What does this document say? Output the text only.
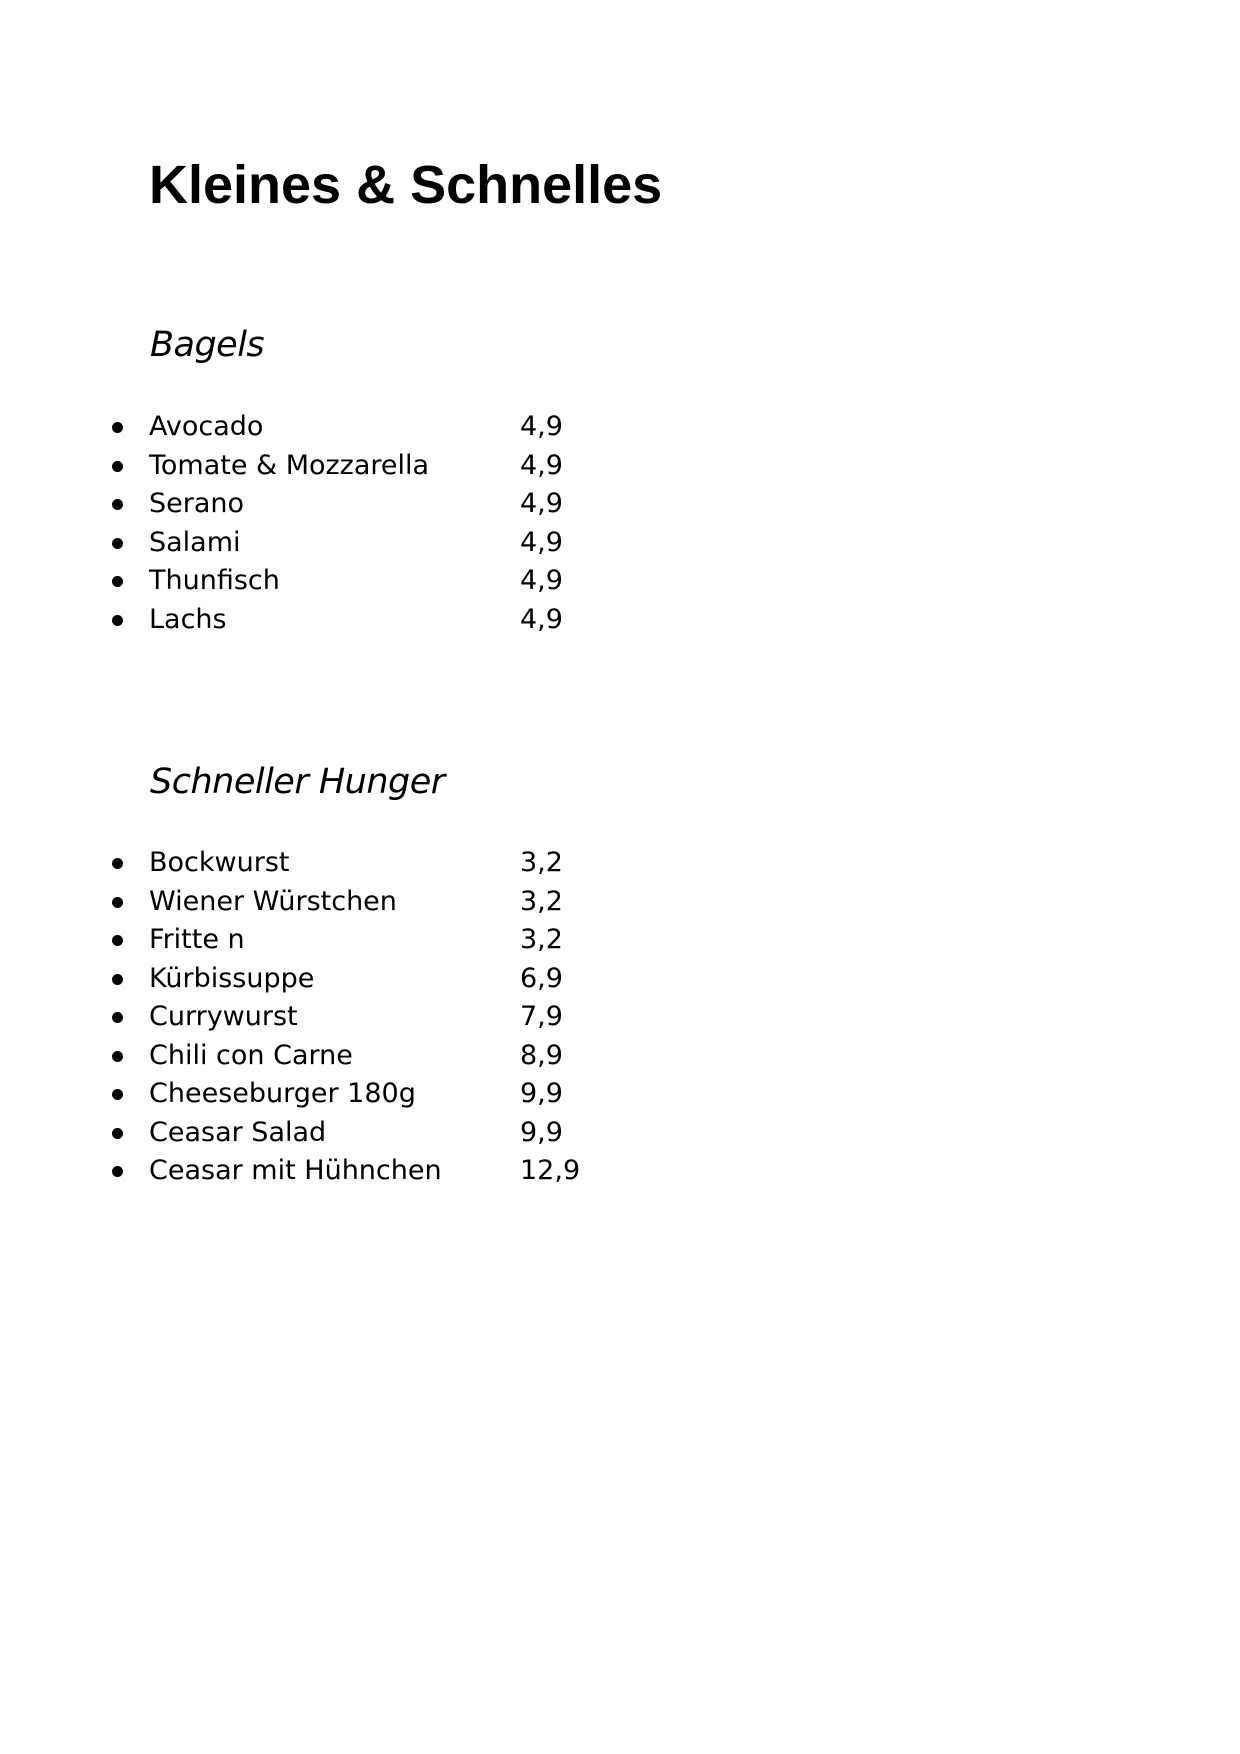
Kleines & Schnelles
Bagels
Avocado	4,9
Tomate & Mozzarella	4,9
Serano	4,9
Salami	4,9
Thunfisch	4,9
Lachs	4,9
Schneller Hunger
Bockwurst	3,2
Wiener Würstchen	3,2
Fritte n	3,2
Kürbissuppe	6,9
Currywurst	7,9
Chili con Carne	8,9
Cheeseburger 180g	9,9
Ceasar Salad	9,9
Ceasar mit Hühnchen	12,9
